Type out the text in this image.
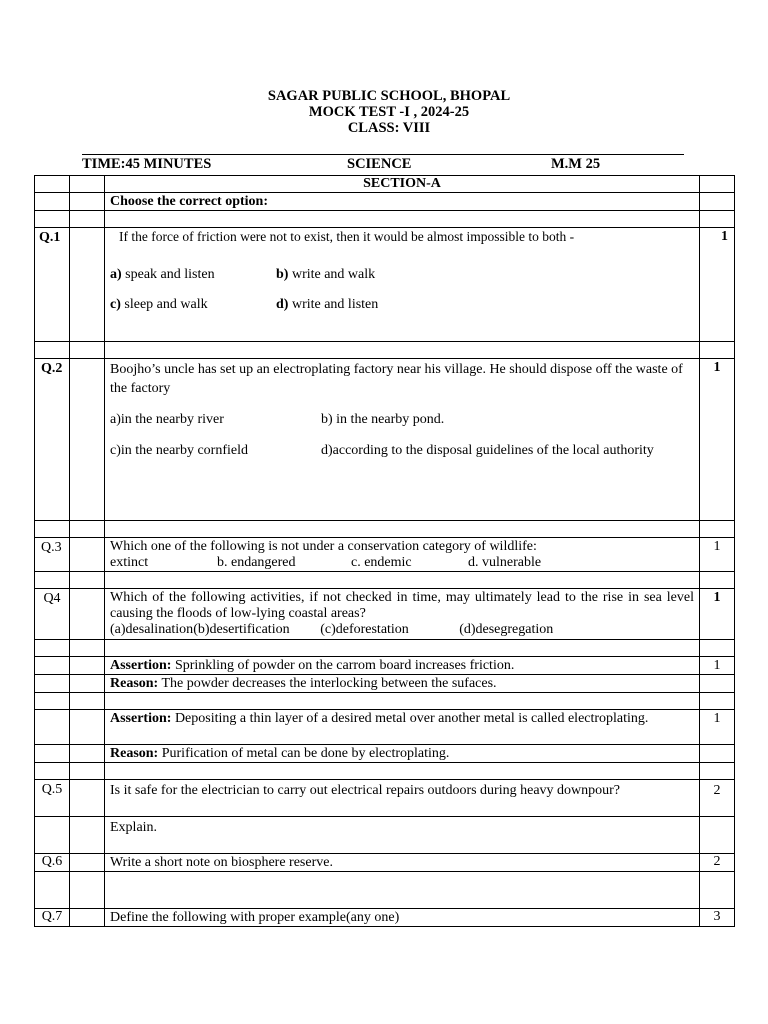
SAGAR PUBLIC SCHOOL, BHOPAL
MOCK TEST -I , 2024-25
CLASS: VIII
TIME:45 MINUTES	SCIENCE	M.M 25
		SECTION-A	
		Choose the correct option:	

Q.1		If the force of friction were not to exist, then it would be almost impossible to both -
a) speak and listen b) write and walk
c) sleep and walk d) write and listen	1

Q.2		Boojho’s uncle has set up an electroplating factory near his village. He should dispose off the waste of the factory
a)in the nearby river b) in the nearby pond.
c)in the nearby cornfield d)according to the disposal guidelines of the local authority	1

Q.3		Which one of the following is not under a conservation category of wildlife:
extinct b. endangered c. endemic d. vulnerable	1

Q4		Which of the following activities, if not checked in time, may ultimately lead to the rise in sea level causing the floods of low-lying coastal areas?
(a)desalination (b)desertification (c)deforestation (d)desegregation	1

		Assertion: Sprinkling of powder on the carrom board increases friction.	1
		Reason: The powder decreases the interlocking between the sufaces.	

		Assertion: Depositing a thin layer of a desired metal over another metal is called electroplating.	1
		Reason: Purification of metal can be done by electroplating.	

Q.5		Is it safe for the electrician to carry out electrical repairs outdoors during heavy downpour?	2
		Explain.	
Q.6		Write a short note on biosphere reserve.	2

Q.7		Define the following with proper example(any one)	3
